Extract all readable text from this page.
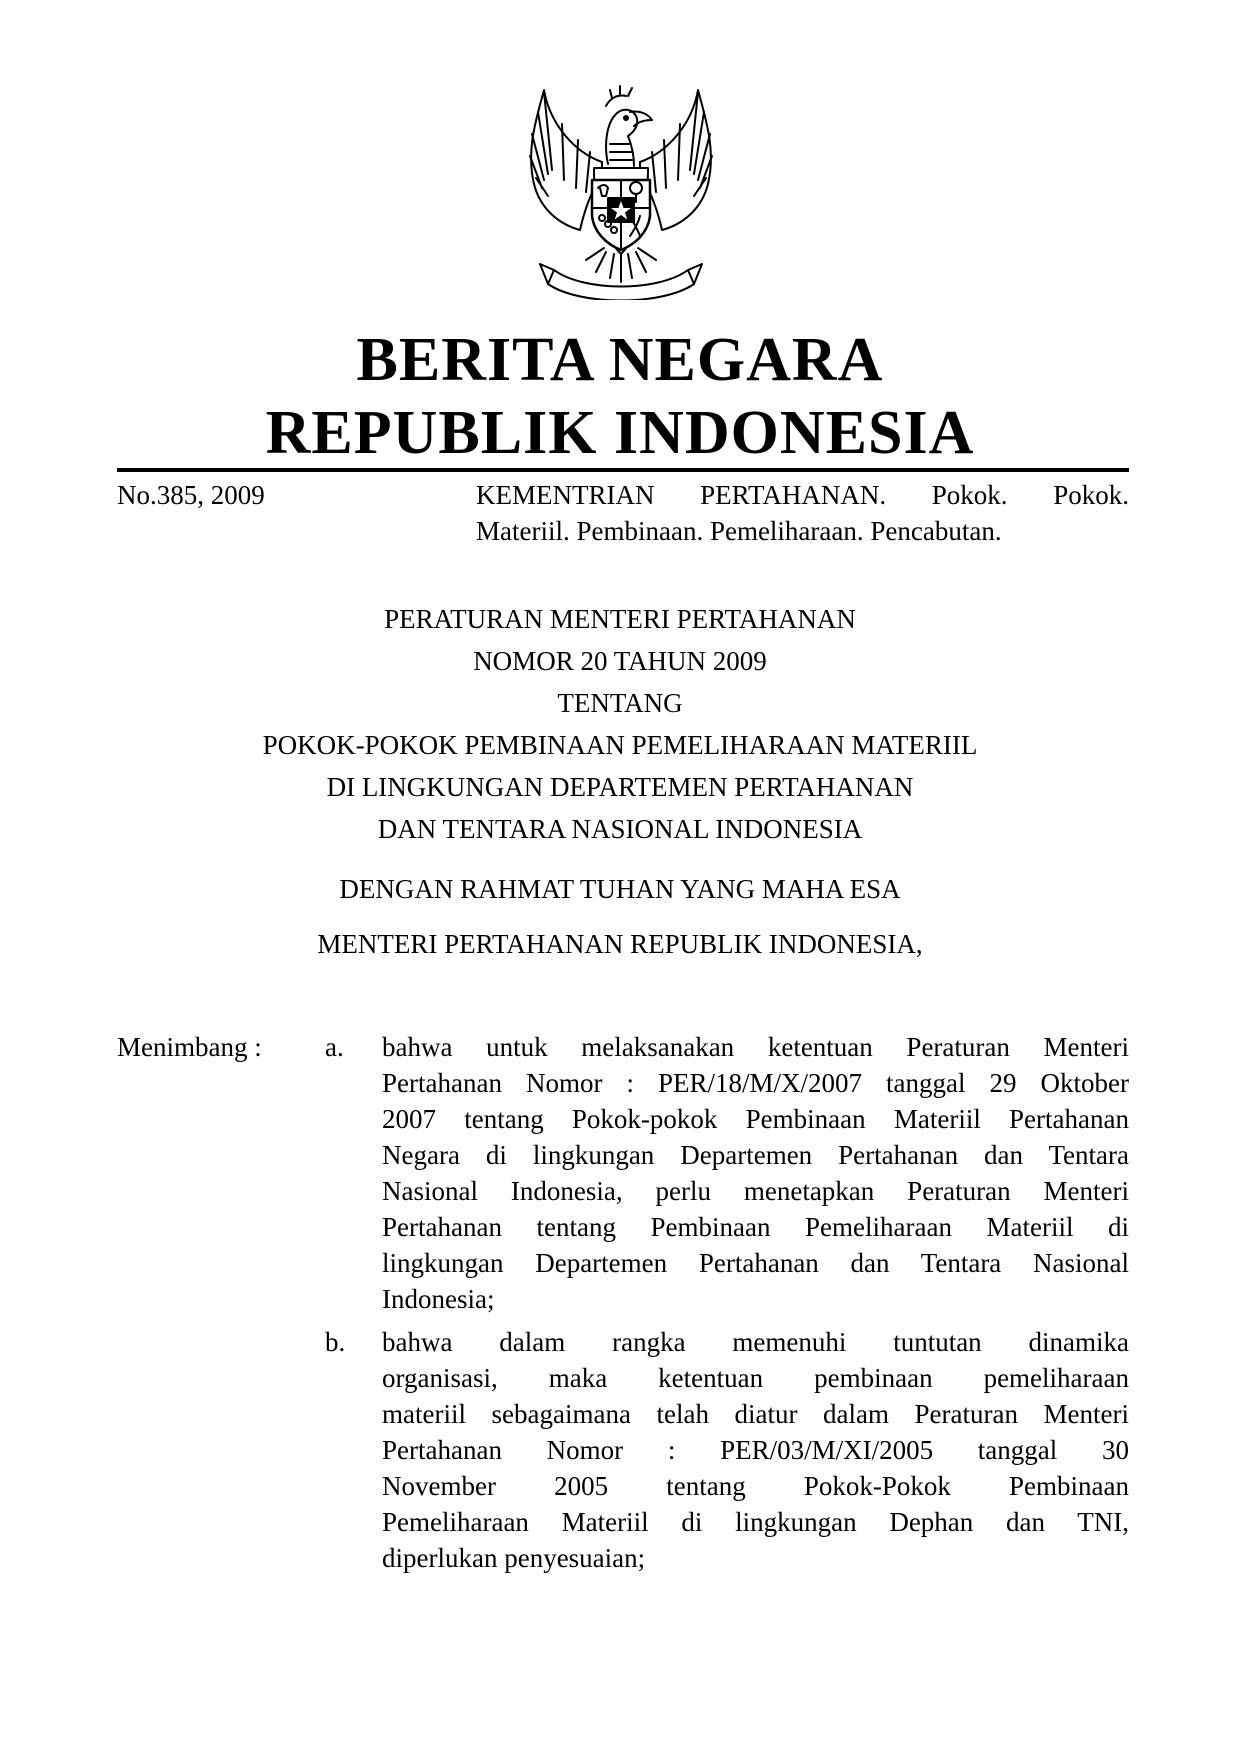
BERITA NEGARA
REPUBLIK INDONESIA
No.385, 2009	KEMENTRIAN PERTAHANAN. Pokok. Pokok.
Materiil. Pembinaan. Pemeliharaan. Pencabutan.
PERATURAN MENTERI PERTAHANAN
NOMOR 20 TAHUN 2009
TENTANG
POKOK-POKOK PEMBINAAN PEMELIHARAAN MATERIIL
DI LINGKUNGAN DEPARTEMEN PERTAHANAN
DAN TENTARA NASIONAL INDONESIA
DENGAN RAHMAT TUHAN YANG MAHA ESA
MENTERI PERTAHANAN REPUBLIK INDONESIA,
Menimbang : a. bahwa untuk melaksanakan ketentuan Peraturan Menteri
Pertahanan Nomor : PER/18/M/X/2007 tanggal 29 Oktober
2007 tentang Pokok-pokok Pembinaan Materiil Pertahanan
Negara di lingkungan Departemen Pertahanan dan Tentara
Nasional Indonesia, perlu menetapkan Peraturan Menteri
Pertahanan tentang Pembinaan Pemeliharaan Materiil di
lingkungan Departemen Pertahanan dan Tentara Nasional
Indonesia;
b. bahwa dalam rangka memenuhi tuntutan dinamika
organisasi, maka ketentuan pembinaan pemeliharaan
materiil sebagaimana telah diatur dalam Peraturan Menteri
Pertahanan Nomor : PER/03/M/XI/2005 tanggal 30
November 2005 tentang Pokok-Pokok Pembinaan
Pemeliharaan Materiil di lingkungan Dephan dan TNI,
diperlukan penyesuaian;
